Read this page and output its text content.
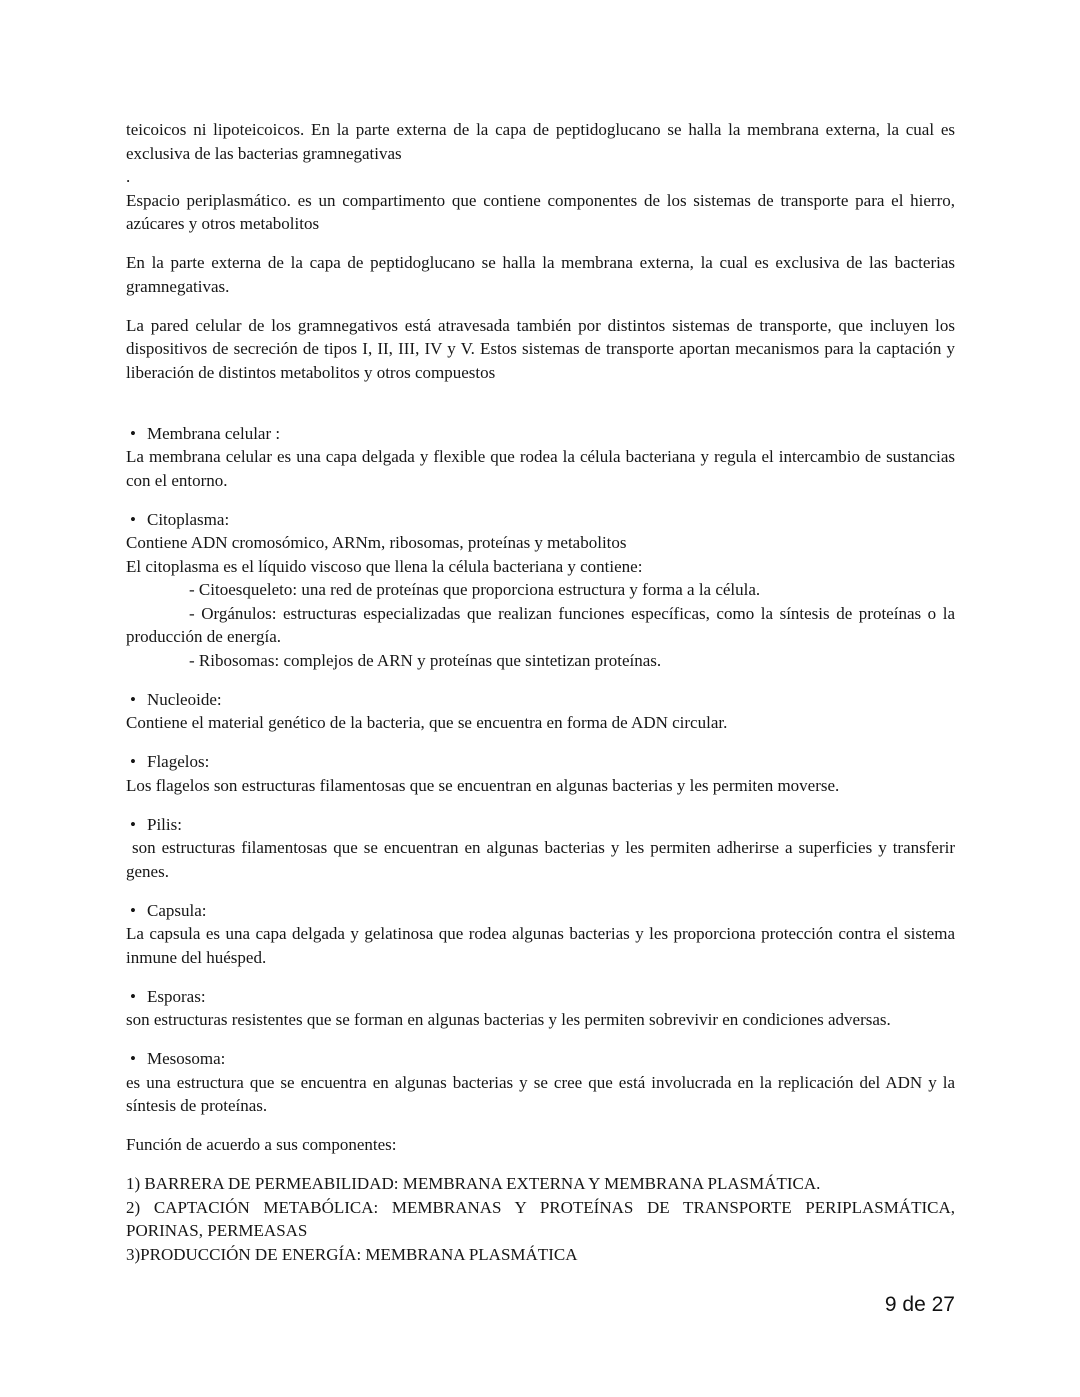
teicoicos ni lipoteicoicos. En la parte externa de la capa de peptidoglucano se halla la membrana externa, la cual es exclusiva de las bacterias gramnegativas

.

Espacio periplasmático. es un compartimento que contiene componentes de los sistemas de transporte para el hierro, azúcares y otros metabolitos

En la parte externa de la capa de peptidoglucano se halla la membrana externa, la cual es exclusiva de las bacterias gramnegativas.

La pared celular de los gramnegativos está atravesada también por distintos sistemas de transporte, que incluyen los dispositivos de secreción de tipos I, II, III, IV y V. Estos sistemas de transporte aportan mecanismos para la captación y liberación de distintos metabolitos y otros compuestos

• Membrana celular :

La membrana celular es una capa delgada y flexible que rodea la célula bacteriana y regula el intercambio de sustancias con el entorno.

• Citoplasma:

Contiene ADN cromosómico, ARNm, ribosomas, proteínas y metabolitos

El citoplasma es el líquido viscoso que llena la célula bacteriana y contiene:

- Citoesqueleto: una red de proteínas que proporciona estructura y forma a la célula.

- Orgánulos: estructuras especializadas que realizan funciones específicas, como la síntesis de proteínas o la producción de energía.

- Ribosomas: complejos de ARN y proteínas que sintetizan proteínas.

• Nucleoide:

Contiene el material genético de la bacteria, que se encuentra en forma de ADN circular.

• Flagelos:

Los flagelos son estructuras filamentosas que se encuentran en algunas bacterias y les permiten moverse.

• Pilis:

son estructuras filamentosas que se encuentran en algunas bacterias y les permiten adherirse a superficies y transferir genes.

• Capsula:

La capsula es una capa delgada y gelatinosa que rodea algunas bacterias y les proporciona protección contra el sistema inmune del huésped.

• Esporas:

son estructuras resistentes que se forman en algunas bacterias y les permiten sobrevivir en condiciones adversas.

• Mesosoma:

es una estructura que se encuentra en algunas bacterias y se cree que está involucrada en la replicación del ADN y la síntesis de proteínas.

Función de acuerdo a sus componentes:

1) BARRERA DE PERMEABILIDAD: MEMBRANA EXTERNA Y MEMBRANA PLASMÁTICA.

2) CAPTACIÓN METABÓLICA: MEMBRANAS Y PROTEÍNAS DE TRANSPORTE PERIPLASMÁTICA, PORINAS, PERMEASAS

3)PRODUCCIÓN DE ENERGÍA: MEMBRANA PLASMÁTICA

9 de 27
